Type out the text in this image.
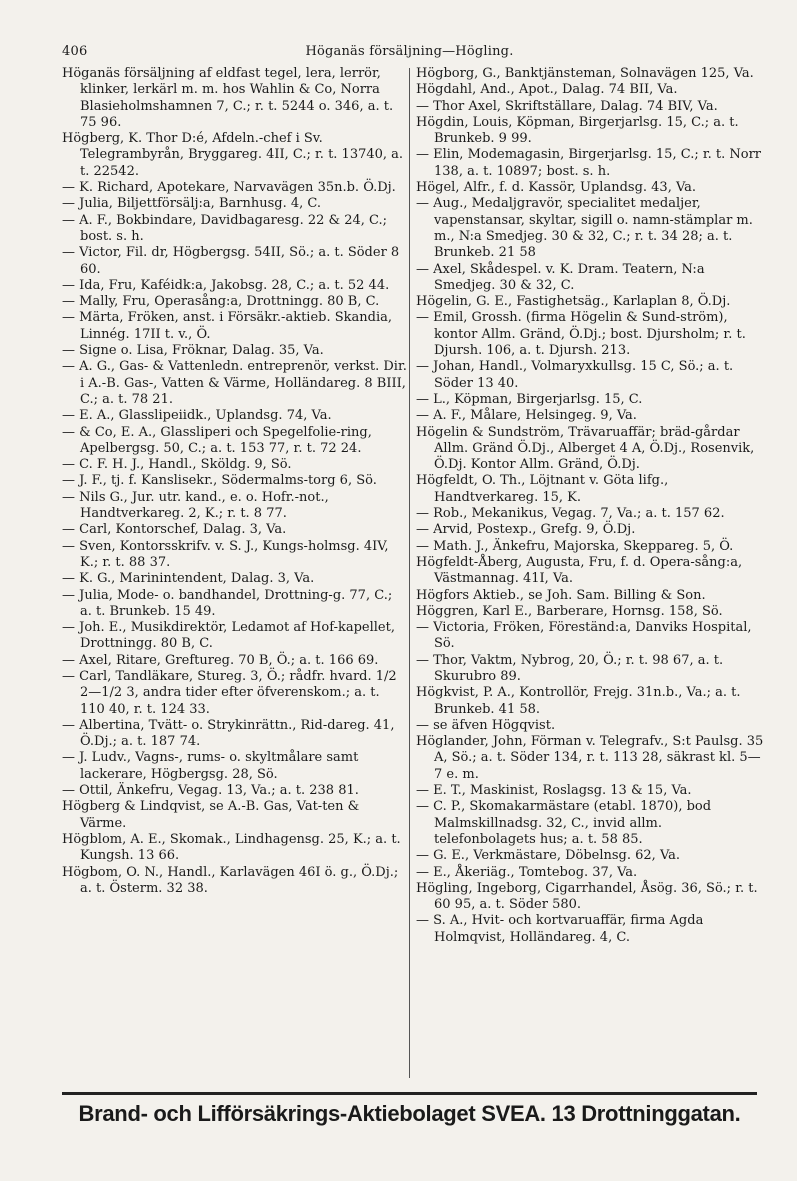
406	Höganäs försäljning—Högling.

Höganäs försäljning af eldfast tegel, lera, lerrör, klinker, lerkärl m. m. hos Wahlin & Co, Norra Blasieholmshamnen 7, C.; r. t. 5244 o. 346, a. t. 75 96.

Högberg, K. Thor D:é, Afdeln.-chef i Sv. Telegrambyrån, Bryggareg. 4II, C.; r. t. 13740, a. t. 22542.

— K. Richard, Apotekare, Narvavägen 35n.b. Ö.Dj.

— Julia, Biljettförsälj:a, Barnhusg. 4, C.

— A. F., Bokbindare, Davidbagaresg. 22 & 24, C.; bost. s. h.

— Victor, Fil. dr, Högbergsg. 54II, Sö.; a. t. Söder 8 60.

— Ida, Fru, Kaféidk:a, Jakobsg. 28, C.; a. t. 52 44.

— Mally, Fru, Operasång:a, Drottningg. 80 B, C.

— Märta, Fröken, anst. i Försäkr.-aktieb. Skandia, Linnég. 17II t. v., Ö.

— Signe o. Lisa, Fröknar, Dalag. 35, Va.

— A. G., Gas- & Vattenledn. entreprenör, verkst. Dir. i A.-B. Gas-, Vatten & Värme, Holländareg. 8 BIII, C.; a. t. 78 21.

— E. A., Glasslipeiidk., Uplandsg. 74, Va.

— & Co, E. A., Glassliperi och Spegelfolie-ring, Apelbergsg. 50, C.; a. t. 153 77, r. t. 72 24.

— C. F. H. J., Handl., Sköldg. 9, Sö.

— J. F., tj. f. Kanslisekr., Södermalms-torg 6, Sö.

— Nils G., Jur. utr. kand., e. o. Hofr.-not., Handtverkareg. 2, K.; r. t. 8 77.

— Carl, Kontorschef, Dalag. 3, Va.

— Sven, Kontorsskrifv. v. S. J., Kungs-holmsg. 4IV, K.; r. t. 88 37.

— K. G., Marinintendent, Dalag. 3, Va.

— Julia, Mode- o. bandhandel, Drottning-g. 77, C.; a. t. Brunkeb. 15 49.

— Joh. E., Musikdirektör, Ledamot af Hof-kapellet, Drottningg. 80 B, C.

— Axel, Ritare, Greftureg. 70 B, Ö.; a. t. 166 69.

— Carl, Tandläkare, Stureg. 3, Ö.; rådfr. hvard. 1/2 2—1/2 3, andra tider efter öfverenskom.; a. t. 110 40, r. t. 124 33.

— Albertina, Tvätt- o. Strykinrättn., Rid-dareg. 41, Ö.Dj.; a. t. 187 74.

— J. Ludv., Vagns-, rums- o. skyltmålare samt lackerare, Högbergsg. 28, Sö.

— Ottil, Änkefru, Vegag. 13, Va.; a. t. 238 81.

Högberg & Lindqvist, se A.-B. Gas, Vat-ten & Värme.

Högblom, A. E., Skomak., Lindhagensg. 25, K.; a. t. Kungsh. 13 66.

Högbom, O. N., Handl., Karlavägen 46I ö. g., Ö.Dj.; a. t. Österm. 32 38.

Högborg, G., Banktjänsteman, Solnavägen 125, Va.

Högdahl, And., Apot., Dalag. 74 BII, Va.

— Thor Axel, Skriftställare, Dalag. 74 BIV, Va.

Högdin, Louis, Köpman, Birgerjarlsg. 15, C.; a. t. Brunkeb. 9 99.

— Elin, Modemagasin, Birgerjarlsg. 15, C.; r. t. Norr 138, a. t. 10897; bost. s. h.

Högel, Alfr., f. d. Kassör, Uplandsg. 43, Va.

— Aug., Medaljgravör, specialitet medaljer, vapenstansar, skyltar, sigill o. namn-stämplar m. m., N:a Smedjeg. 30 & 32, C.; r. t. 34 28; a. t. Brunkeb. 21 58

— Axel, Skådespel. v. K. Dram. Teatern, N:a Smedjeg. 30 & 32, C.

Högelin, G. E., Fastighetsäg., Karlaplan 8, Ö.Dj.

— Emil, Grossh. (firma Högelin & Sund-ström), kontor Allm. Gränd, Ö.Dj.; bost. Djursholm; r. t. Djursh. 106, a. t. Djursh. 213.

— Johan, Handl., Volmaryxkullsg. 15 C, Sö.; a. t. Söder 13 40.

— L., Köpman, Birgerjarlsg. 15, C.

— A. F., Målare, Helsingeg. 9, Va.

Högelin & Sundström, Trävaruaffär; bräd-gårdar Allm. Gränd Ö.Dj., Alberget 4 A, Ö.Dj., Rosenvik, Ö.Dj. Kontor Allm. Gränd, Ö.Dj.

Högfeldt, O. Th., Löjtnant v. Göta lifg., Handtverkareg. 15, K.

— Rob., Mekanikus, Vegag. 7, Va.; a. t. 157 62.

— Arvid, Postexp., Grefg. 9, Ö.Dj.

— Math. J., Änkefru, Majorska, Skeppareg. 5, Ö.

Högfeldt-Åberg, Augusta, Fru, f. d. Opera-sång:a, Västmannag. 41I, Va.

Högfors Aktieb., se Joh. Sam. Billing & Son.

Höggren, Karl E., Barberare, Hornsg. 158, Sö.

— Victoria, Fröken, Föreständ:a, Danviks Hospital, Sö.

— Thor, Vaktm, Nybrog, 20, Ö.; r. t. 98 67, a. t. Skurubro 89.

Högkvist, P. A., Kontrollör, Frejg. 31n.b., Va.; a. t. Brunkeb. 41 58.

— se äfven Högqvist.

Höglander, John, Förman v. Telegrafv., S:t Paulsg. 35 A, Sö.; a. t. Söder 134, r. t. 113 28, säkrast kl. 5—7 e. m.

— E. T., Maskinist, Roslagsg. 13 & 15, Va.

— C. P., Skomakarmästare (etabl. 1870), bod Malmskillnadsg. 32, C., invid allm. telefonbolagets hus; a. t. 58 85.

— G. E., Verkmästare, Döbelnsg. 62, Va.

— E., Åkeriäg., Tomtebog. 37, Va.

Högling, Ingeborg, Cigarrhandel, Åsög. 36, Sö.; r. t. 60 95, a. t. Söder 580.

— S. A., Hvit- och kortvaruaffär, firma Agda Holmqvist, Holländareg. 4, C.

Brand- och Lifförsäkrings-Aktiebolaget SVEA. 13 Drottninggatan.
